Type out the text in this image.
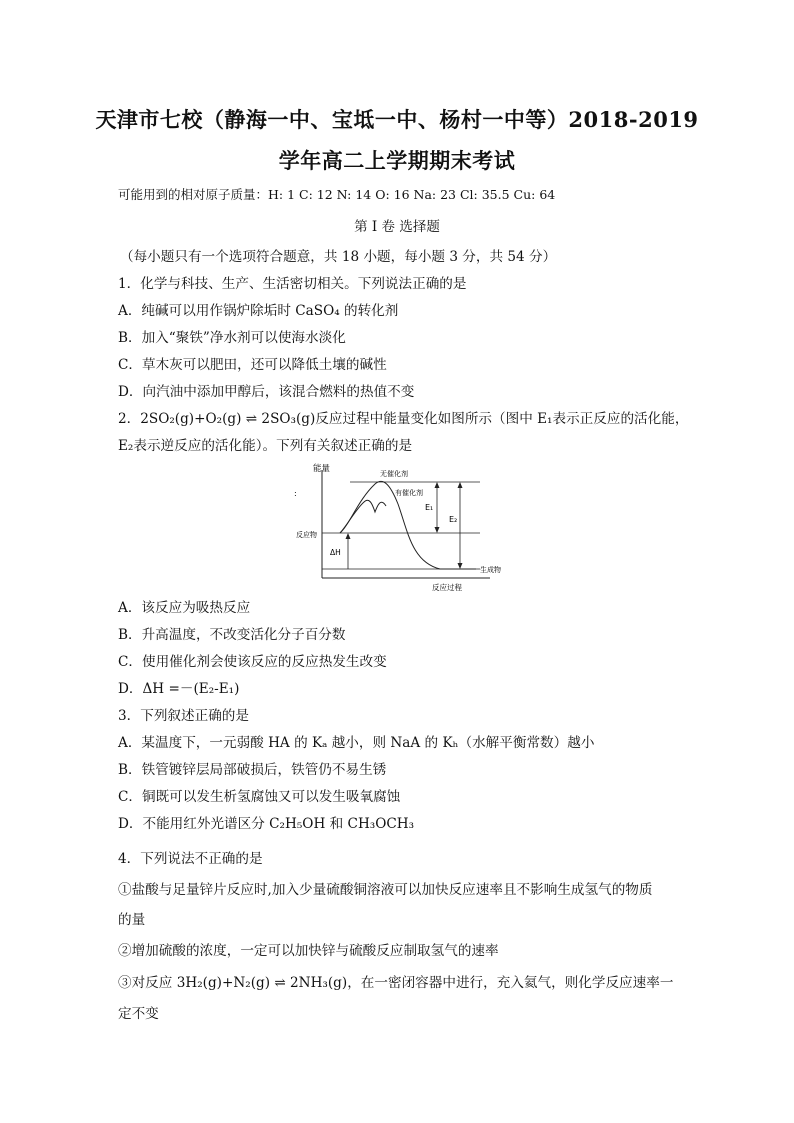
天津市七校（静海一中、宝坻一中、杨村一中等）2018-2019
学年高二上学期期末考试
可能用到的相对原子质量：H: 1 C: 12 N: 14 O: 16 Na: 23 Cl: 35.5 Cu: 64
第 I 卷 选择题
（每小题只有一个选项符合题意，共 18 小题，每小题 3 分，共 54 分）
1．化学与科技、生产、生活密切相关。下列说法正确的是
A．纯碱可以用作锅炉除垢时 CaSO₄ 的转化剂
B．加入“聚铁”净水剂可以使海水淡化
C．草木灰可以肥田，还可以降低土壤的碱性
D．向汽油中添加甲醇后，该混合燃料的热值不变
2．2SO₂(g)+O₂(g) ⇌ 2SO₃(g)反应过程中能量变化如图所示（图中 E₁表示正反应的活化能，
E₂表示逆反应的活化能）。下列有关叙述正确的是
能量
:
E₁
E₂
ΔH
反应物
生成物
无催化剂
有催化剂
反应过程
A．该反应为吸热反应
B．升高温度，不改变活化分子百分数
C．使用催化剂会使该反应的反应热发生改变
D．ΔH =－(E₂-E₁)
3．下列叙述正确的是
A．某温度下，一元弱酸 HA 的 Kₐ 越小，则 NaA 的 Kₕ（水解平衡常数）越小
B．铁管镀锌层局部破损后，铁管仍不易生锈
C．铜既可以发生析氢腐蚀又可以发生吸氧腐蚀
D．不能用红外光谱区分 C₂H₅OH 和 CH₃OCH₃
4．下列说法不正确的是
①盐酸与足量锌片反应时,加入少量硫酸铜溶液可以加快反应速率且不影响生成氢气的物质
的量
②增加硫酸的浓度，一定可以加快锌与硫酸反应制取氢气的速率
③对反应 3H₂(g)+N₂(g) ⇌ 2NH₃(g)，在一密闭容器中进行，充入氦气，则化学反应速率一
定不变
